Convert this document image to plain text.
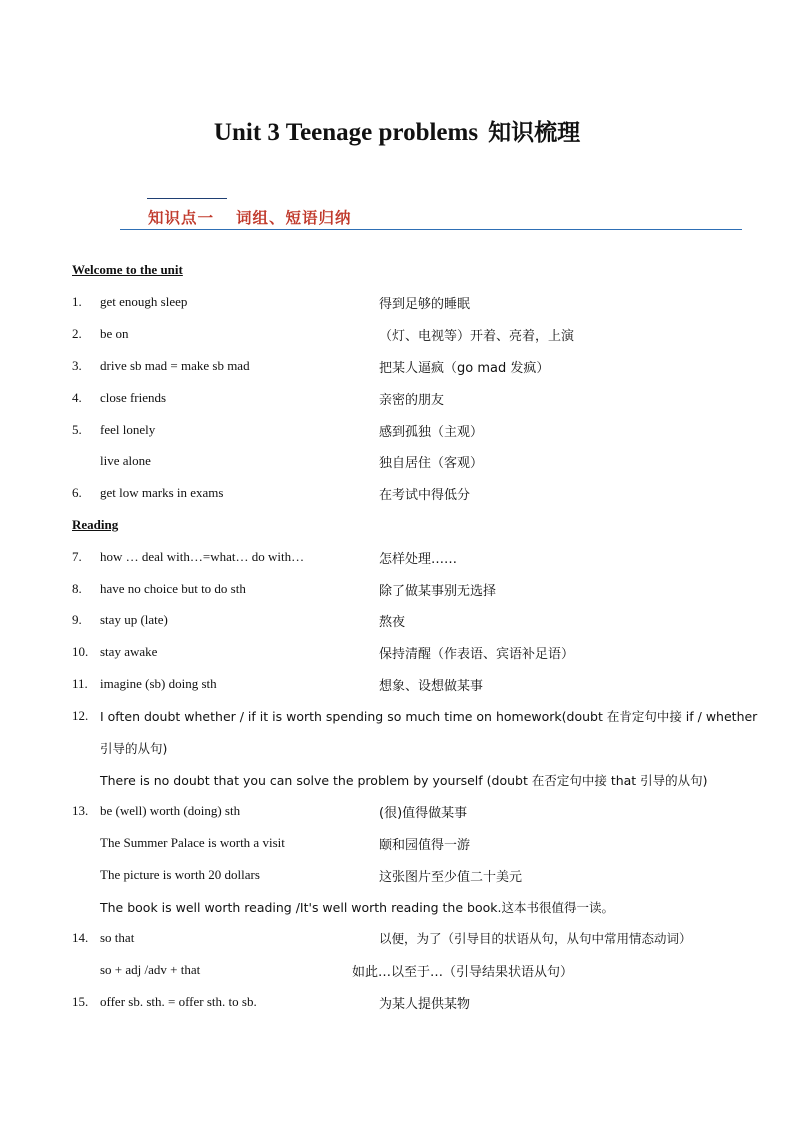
Unit 3 Teenage problems 知识梳理
知识点一 词组、短语归纳
Welcome to the unit
1. get enough sleep	得到足够的睡眠
2. be on	（灯、电视等）开着、亮着，上演
3. drive sb mad = make sb mad	把某人逼疯（go mad 发疯）
4. close friends	亲密的朋友
5. feel lonely	感到孤独（主观）
live alone	独自居住（客观）
6. get low marks in exams	在考试中得低分
Reading
7. how … deal with…=what… do with…	怎样处理……
8. have no choice but to do sth	除了做某事别无选择
9. stay up (late)	熬夜
10. stay awake	保持清醒（作表语、宾语补足语）
11. imagine (sb) doing sth	想象、设想做某事
12. I often doubt whether / if it is worth spending so much time on homework(doubt 在肯定句中接 if / whether
引导的从句)
There is no doubt that you can solve the problem by yourself (doubt 在否定句中接 that 引导的从句)
13. be (well) worth (doing) sth	(很)值得做某事
The Summer Palace is worth a visit	颐和园值得一游
The picture is worth 20 dollars	这张图片至少值二十美元
The book is well worth reading /It's well worth reading the book.这本书很值得一读。
14. so that	以便，为了（引导目的状语从句，从句中常用情态动词）
so + adj /adv + that	如此…以至于…（引导结果状语从句）
15. offer sb. sth. = offer sth. to sb.	为某人提供某物
